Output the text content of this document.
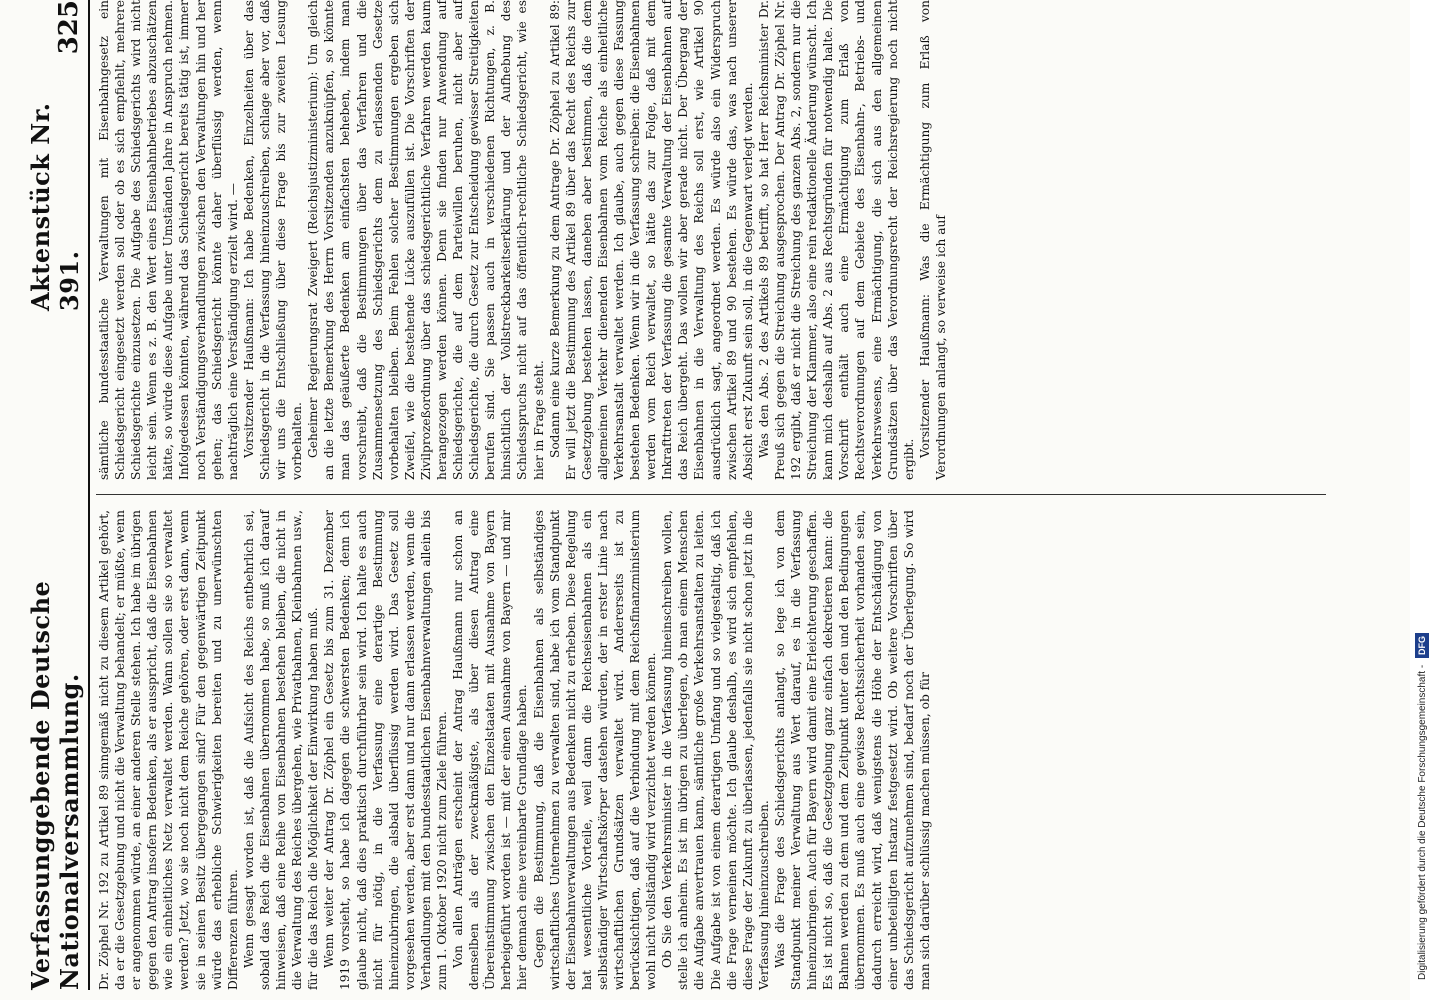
Verfassunggebende Deutsche Nationalversammlung.
Aktenstück Nr. 391.
325

Dr. Zöphel Nr. 192 zu Artikel 89 sinngemäß nicht zu diesem Artikel gehört, da er die Gesetzgebung und nicht die Verwaltung behandelt; er müßte, wenn er angenommen würde, an einer anderen Stelle stehen. Ich habe im übrigen gegen den Antrag insofern Bedenken, als er ausspricht, daß die Eisenbahnen wie ein einheitliches Netz verwaltet werden. Wann sollen sie so verwaltet werden? Jetzt, wo sie noch nicht dem Reiche gehören, oder erst dann, wenn sie in seinen Besitz übergegangen sind? Für den gegenwärtigen Zeitpunkt würde das erhebliche Schwierigkeiten bereiten und zu unerwünschten Differenzen führen. Wenn gesagt worden ist, daß die Aufsicht des Reichs entbehrlich sei, sobald das Reich die Eisenbahnen übernommen habe, so muß ich darauf hinweisen, daß eine Reihe von Eisenbahnen bestehen bleiben, die nicht in die Verwaltung des Reiches übergehen, wie Privatbahnen, Kleinbahnen usw., für die das Reich die Möglichkeit der Einwirkung haben muß. Wenn weiter der Antrag Dr. Zöphel ein Gesetz bis zum 31. Dezember 1919 vorsieht, so habe ich dagegen die schwersten Bedenken; denn ich glaube nicht, daß dies praktisch durchführbar sein wird. Ich halte es auch nicht für nötig, in die Verfassung eine derartige Bestimmung hineinzubringen, die alsbald überflüssig werden wird. Das Gesetz soll vorgesehen werden, aber erst dann und nur dann erlassen werden, wenn die Verhandlungen mit den bundesstaatlichen Eisenbahnverwaltungen allein bis zum 1. Oktober 1920 nicht zum Ziele führen. Von allen Anträgen erscheint der Antrag Haußmann nur schon an demselben als der zweckmäßigste, als über diesen Antrag eine Übereinstimmung zwischen den Einzelstaaten mit Ausnahme von Bayern herbeigeführt worden ist — mit der einen Ausnahme von Bayern — und mir hier demnach eine vereinbarte Grundlage haben. Gegen die Bestimmung, daß die Eisenbahnen als selbständiges wirtschaftliches Unternehmen zu verwalten sind, habe ich vom Standpunkt der Eisenbahnverwaltungen aus Bedenken nicht zu erheben. Diese Regelung hat wesentliche Vorteile, weil dann die Reichseisenbahnen als ein selbständiger Wirtschaftskörper dastehen würden, der in erster Linie nach wirtschaftlichen Grundsätzen verwaltet wird. Andererseits ist zu berücksichtigen, daß auf die Verbindung mit dem Reichsfinanzministerium wohl nicht vollständig wird verzichtet werden können. Ob Sie den Verkehrsminister in die Verfassung hineinschreiben wollen, stelle ich anheim. Es ist im übrigen zu überlegen, ob man einem Menschen die Aufgabe anvertrauen kann, sämtliche große Verkehrsanstalten zu leiten. Die Aufgabe ist von einem derartigen Umfang und so vielgestaltig, daß ich die Frage verneinen möchte. Ich glaube deshalb, es wird sich empfehlen, diese Frage der Zukunft zu überlassen, jedenfalls sie nicht schon jetzt in die Verfassung hineinzuschreiben. Was die Frage des Schiedsgerichts anlangt, so lege ich von dem Standpunkt meiner Verwaltung aus Wert darauf, es in die Verfassung hineinzubringen. Auch für Bayern wird damit eine Erleichterung geschaffen. Es ist nicht so, daß die Gesetzgebung ganz einfach dekretieren kann: die Bahnen werden zu dem und dem Zeitpunkt unter den und den Bedingungen übernommen. Es muß auch eine gewisse Rechtssicherheit vorhanden sein, dadurch erreicht wird, daß wenigstens die Höhe der Entschädigung von einer unbeteiligten Instanz festgesetzt wird. Ob weitere Vorschriften über das Schiedsgericht aufzunehmen sind, bedarf noch der Überlegung. So wird man sich darüber schlüssig machen müssen, ob für

sämtliche bundesstaatliche Verwaltungen mit Eisenbahngesetz ein Schiedsgericht eingesetzt werden soll oder ob es sich empfiehlt, mehrere Schiedsgerichte einzusetzen. Die Aufgabe des Schiedsgerichts wird nicht leicht sein. Wenn es z. B. den Wert eines Eisenbahnbetriebes abzuschätzen hätte, so würde diese Aufgabe unter Umständen Jahre in Anspruch nehmen. Infolgedessen könnten, während das Schiedsgericht bereits tätig ist, immer noch Verständigungsverhandlungen zwischen den Verwaltungen hin und her gehen; das Schiedsgericht könnte daher überflüssig werden, wenn nachträglich eine Verständigung erzielt wird. — Vorsitzender Haußmann: Ich habe Bedenken, Einzelheiten über das Schiedsgericht in die Verfassung hineinzuschreiben, schlage aber vor, daß wir uns die Entschließung über diese Frage bis zur zweiten Lesung vorbehalten. Geheimer Regierungsrat Zweigert (Reichsjustizministerium): Um gleich an die letzte Bemerkung des Herrn Vorsitzenden anzuknüpfen, so könnte man das geäußerte Bedenken am einfachsten beheben, indem man vorschreibt, daß die Bestimmungen über das Verfahren und die Zusammensetzung des Schiedsgerichts dem zu erlassenden Gesetze vorbehalten bleiben. Beim Fehlen solcher Bestimmungen ergeben sich Zweifel, wie die bestehende Lücke auszufüllen ist. Die Vorschriften der Zivilprozeßordnung über das schiedsgerichtliche Verfahren werden kaum herangezogen werden können. Denn sie finden nur Anwendung auf Schiedsgerichte, die auf dem Parteiwillen beruhen, nicht aber auf Schiedsgerichte, die durch Gesetz zur Entscheidung gewisser Streitigkeiten berufen sind. Sie passen auch in verschiedenen Richtungen, z. B. hinsichtlich der Vollstreckbarkeitserklärung und der Aufhebung des Schiedsspruchs nicht auf das öffentlich-rechtliche Schiedsgericht, wie es hier in Frage steht. Sodann eine kurze Bemerkung zu dem Antrage Dr. Zöphel zu Artikel 89: Er will jetzt die Bestimmung des Artikel 89 über das Recht des Reichs zur Gesetzgebung bestehen lassen, daneben aber bestimmen, daß die dem allgemeinen Verkehr dienenden Eisenbahnen vom Reiche als einheitliche Verkehrsanstalt verwaltet werden. Ich glaube, auch gegen diese Fassung bestehen Bedenken. Wenn wir in die Verfassung schreiben: die Eisenbahnen werden vom Reich verwaltet, so hätte das zur Folge, daß mit dem Inkrafttreten der Verfassung die gesamte Verwaltung der Eisenbahnen auf das Reich übergeht. Das wollen wir aber gerade nicht. Der Übergang der Eisenbahnen in die Verwaltung des Reichs soll erst, wie Artikel 90 ausdrücklich sagt, angeordnet werden. Es würde also ein Widerspruch zwischen Artikel 89 und 90 bestehen. Es würde das, was nach unserer Absicht erst Zukunft sein soll, in die Gegenwart verlegt werden. Was den Abs. 2 des Artikels 89 betrifft, so hat Herr Reichsminister Dr. Preuß sich gegen die Streichung ausgesprochen. Der Antrag Dr. Zöphel Nr. 192 ergibt, daß er nicht die Streichung des ganzen Abs. 2, sondern nur die Streichung der Klammer, also eine rein redaktionelle Änderung wünscht. Ich kann mich deshalb auf Abs. 2 aus Rechtsgründen für notwendig halte. Die Vorschrift enthält auch eine Ermächtigung zum Erlaß von Rechtsverordnungen auf dem Gebiete des Eisenbahn-, Betriebs- und Verkehrswesens, eine Ermächtigung, die sich aus den allgemeinen Grundsätzen über das Verordnungsrecht der Reichsregierung noch nicht ergibt.

Vorsitzender Haußmann: Was die Ermächtigung zum Erlaß von Verordnungen anlangt, so verweise ich auf

Digitalisierung gefördert durch die Deutsche Forschungsgemeinschaft - DFG
